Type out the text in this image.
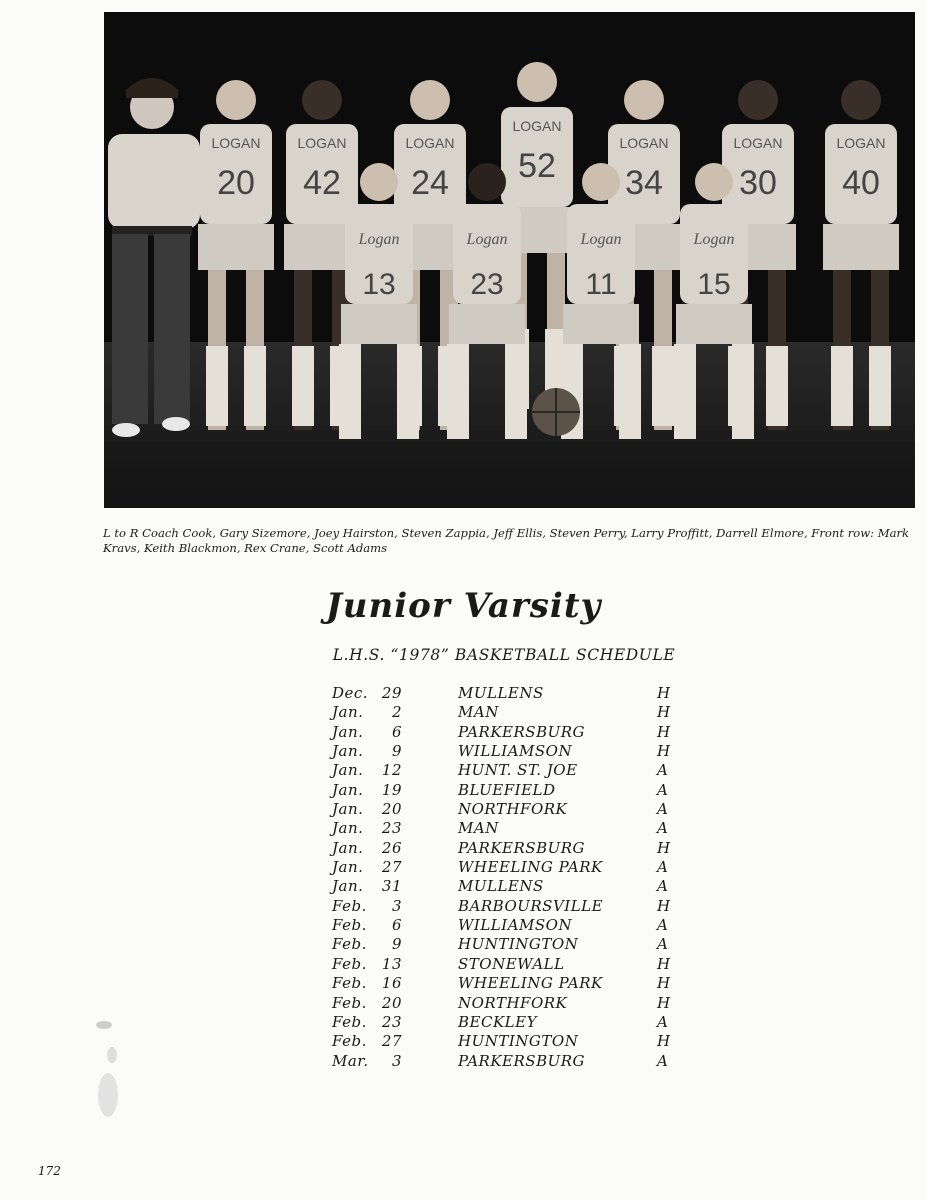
LOGAN
20
LOGAN
42
LOGAN
24
LOGAN
52
LOGAN
34
LOGAN
30
LOGAN
40
Logan
13
Logan
23
Logan
11
Logan
15
L to R Coach Cook, Gary Sizemore, Joey Hairston, Steven Zappia, Jeff Ellis, Steven Perry, Larry Proffitt, Darrell Elmore, Front row: Mark Kravs, Keith Blackmon, Rex Crane, Scott Adams
Junior Varsity
L.H.S. “1978” BASKETBALL SCHEDULE
Dec. 29	MULLENS	H
Jan.	2	MAN	H
Jan.	6	PARKERSBURG	H
Jan.	9	WILLIAMSON	H
Jan.	12	HUNT. ST. JOE	A
Jan.	19	BLUEFIELD	A
Jan.	20	NORTHFORK	A
Jan.	23	MAN	A
Jan.	26	PARKERSBURG	H
Jan.	27	WHEELING PARK	A
Jan.	31	MULLENS	A
Feb.	3	BARBOURSVILLE	H
Feb.	6	WILLIAMSON	A
Feb.	9	HUNTINGTON	A
Feb.	13	STONEWALL	H
Feb.	16	WHEELING PARK	H
Feb.	20	NORTHFORK	H
Feb.	23	BECKLEY	A
Feb.	27	HUNTINGTON	H
Mar.	3	PARKERSBURG	A
172
